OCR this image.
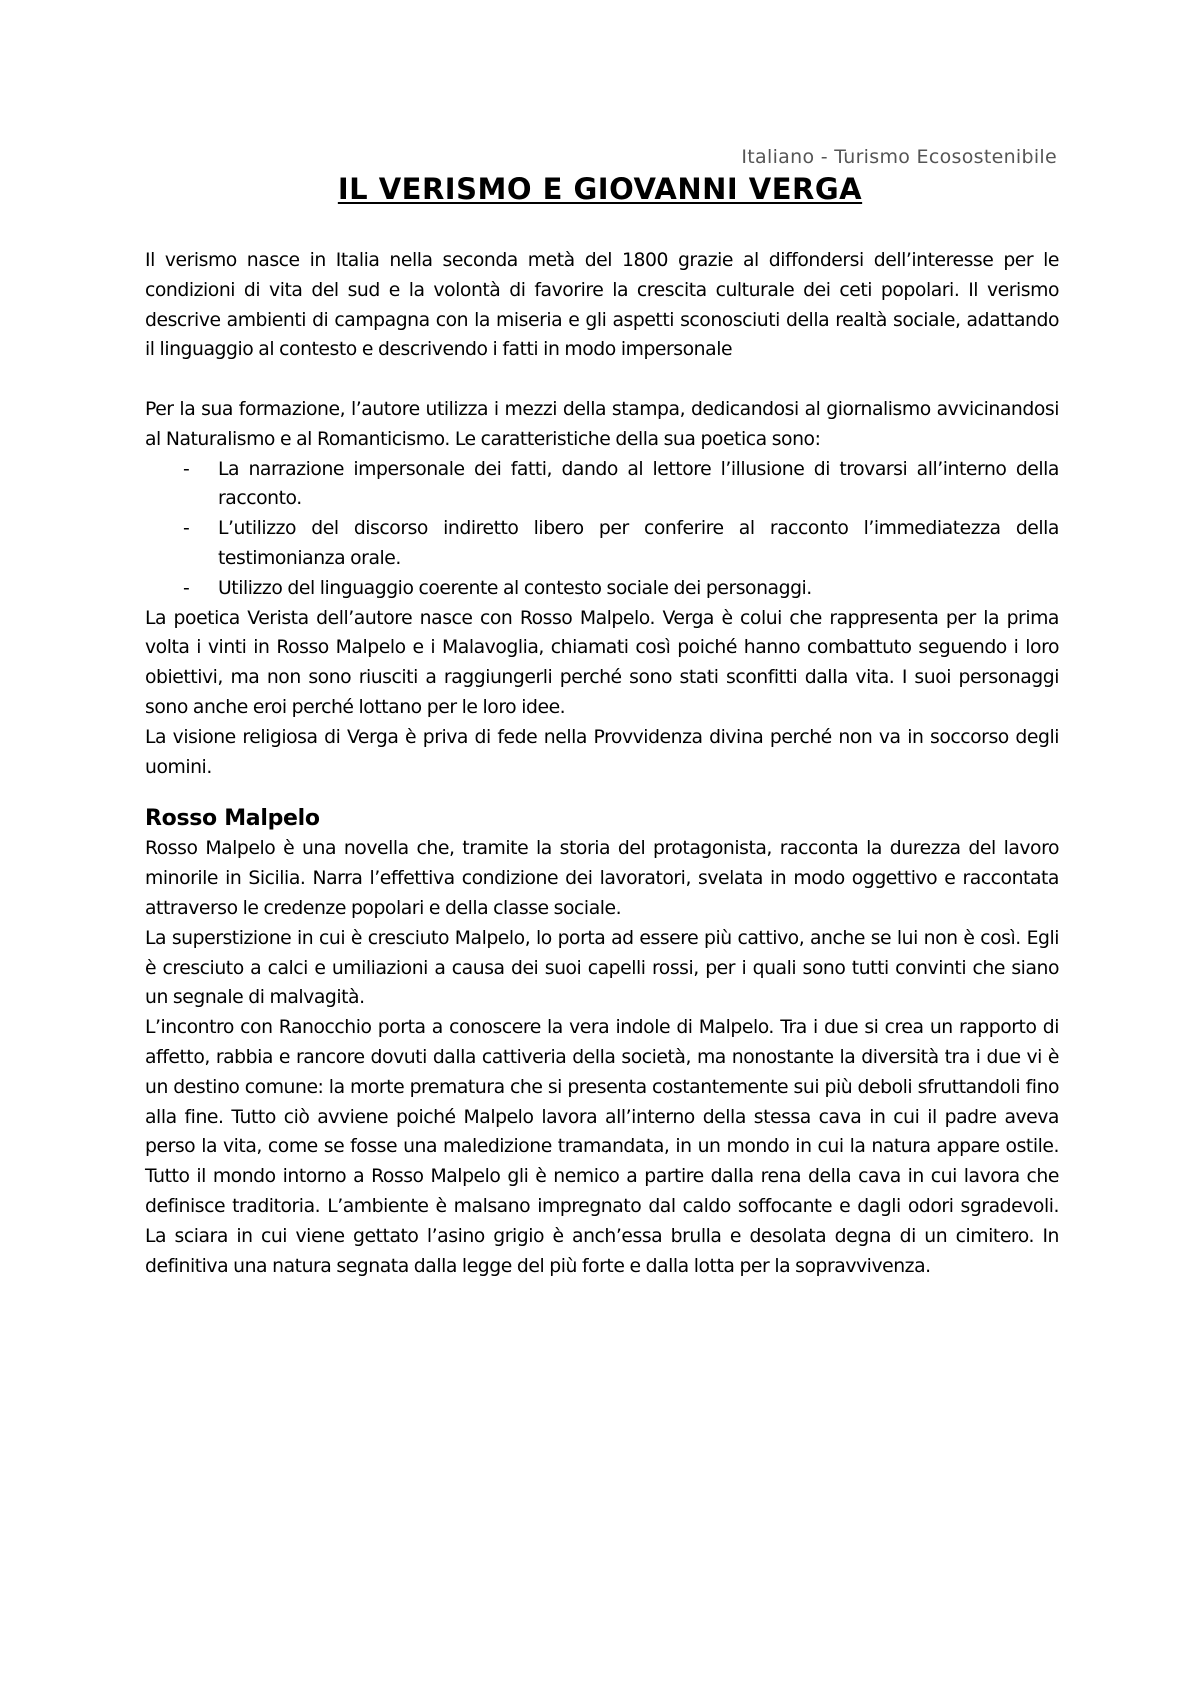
Italiano - Turismo Ecosostenibile

IL VERISMO E GIOVANNI VERGA

Il verismo nasce in Italia nella seconda metà del 1800 grazie al diffondersi dell’interesse per le condizioni di vita del sud e la volontà di favorire la crescita culturale dei ceti popolari. Il verismo descrive ambienti di campagna con la miseria e gli aspetti sconosciuti della realtà sociale, adattando il linguaggio al contesto e descrivendo i fatti in modo impersonale

Per la sua formazione, l’autore utilizza i mezzi della stampa, dedicandosi al giornalismo avvicinandosi al Naturalismo e al Romanticismo. Le caratteristiche della sua poetica sono:

- La narrazione impersonale dei fatti, dando al lettore l’illusione di trovarsi all’interno della racconto.
- L’utilizzo del discorso indiretto libero per conferire al racconto l’immediatezza della testimonianza orale.
- Utilizzo del linguaggio coerente al contesto sociale dei personaggi.

La poetica Verista dell’autore nasce con Rosso Malpelo. Verga è colui che rappresenta per la prima volta i vinti in Rosso Malpelo e i Malavoglia, chiamati così poiché hanno combattuto seguendo i loro obiettivi, ma non sono riusciti a raggiungerli perché sono stati sconfitti dalla vita. I suoi personaggi sono anche eroi perché lottano per le loro idee.

La visione religiosa di Verga è priva di fede nella Provvidenza divina perché non va in soccorso degli uomini.

Rosso Malpelo

Rosso Malpelo è una novella che, tramite la storia del protagonista, racconta la durezza del lavoro minorile in Sicilia. Narra l’effettiva condizione dei lavoratori, svelata in modo oggettivo e raccontata attraverso le credenze popolari e della classe sociale.

La superstizione in cui è cresciuto Malpelo, lo porta ad essere più cattivo, anche se lui non è così. Egli è cresciuto a calci e umiliazioni a causa dei suoi capelli rossi, per i quali sono tutti convinti che siano un segnale di malvagità.

L’incontro con Ranocchio porta a conoscere la vera indole di Malpelo. Tra i due si crea un rapporto di affetto, rabbia e rancore dovuti dalla cattiveria della società, ma nonostante la diversità tra i due vi è un destino comune: la morte prematura che si presenta costantemente sui più deboli sfruttandoli fino alla fine. Tutto ciò avviene poiché Malpelo lavora all’interno della stessa cava in cui il padre aveva perso la vita, come se fosse una maledizione tramandata, in un mondo in cui la natura appare ostile. Tutto il mondo intorno a Rosso Malpelo gli è nemico a partire dalla rena della cava in cui lavora che definisce traditoria. L’ambiente è malsano impregnato dal caldo soffocante e dagli odori sgradevoli. La sciara in cui viene gettato l’asino grigio è anch’essa brulla e desolata degna di un cimitero. In definitiva una natura segnata dalla legge del più forte e dalla lotta per la sopravvivenza.
